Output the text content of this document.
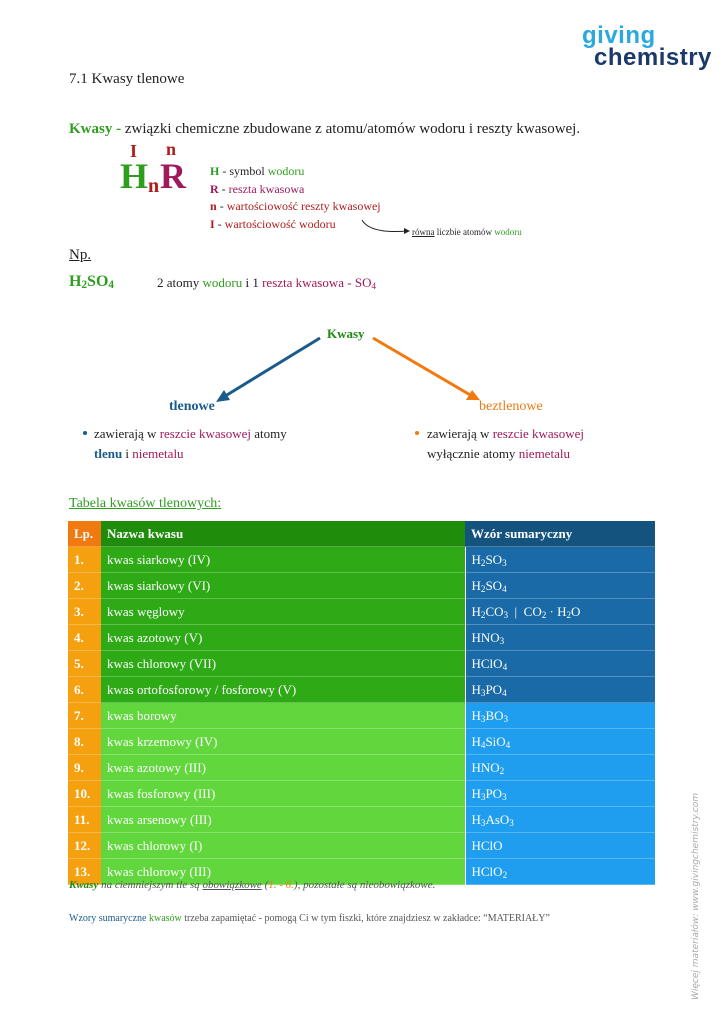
giving
chemistry
7.1 Kwasy tlenowe
Kwasy - związki chemiczne zbudowane z atomu/atomów wodoru i reszty kwasowej.
I n
H n R H - symbol wodoru
R - reszta kwasowa
n - wartościowość reszty kwasowej
I - wartościowość wodoru
równa liczbie atomów wodoru
Np.
$H_2SO_4$	2 atomy wodoru i 1 reszta kwasowa - $SO_4$
Kwasy
tlenowe	beztlenowe
zawierają w reszcie kwasowej atomy
tlenu i niemetalu
zawierają w reszcie kwasowej
wyłącznie atomy niemetalu
Tabela kwasów tlenowych:
Lp.	Nazwa kwasu	Wzór sumaryczny
1.	kwas siarkowy (IV)	$H_2SO_3$
2.	kwas siarkowy (VI)	$H_2SO_4$
3.	kwas węglowy	$H_2CO_3$  |  $CO_2 \cdot H_2O$
4.	kwas azotowy (V)	$HNO_3$
5.	kwas chlorowy (VII)	HClO$_4$
6.	kwas ortofosforowy / fosforowy (V)	$H_3PO_4$
7.	kwas borowy	$H_3BO_3$
8.	kwas krzemowy (IV)	$H_4SiO_4$
9.	kwas azotowy (III)	$HNO_2$
10.	kwas fosforowy (III)	$H_3PO_3$
11.	kwas arsenowy (III)	$H_3AsO_3$
12.	kwas chlorowy (I)	HClO
13.	kwas chlorowy (III)	HClO$_2$
Kwasy na ciemniejszym tle są obowiązkowe (1. - 6.), pozostałe są nieobowiązkowe.
Wzory sumaryczne kwasów trzeba zapamiętać - pomogą Ci w tym fiszki, które znajdziesz w zakładce: “MATERIAŁY”	Więcej materiałów: www.givingchemistry.com
